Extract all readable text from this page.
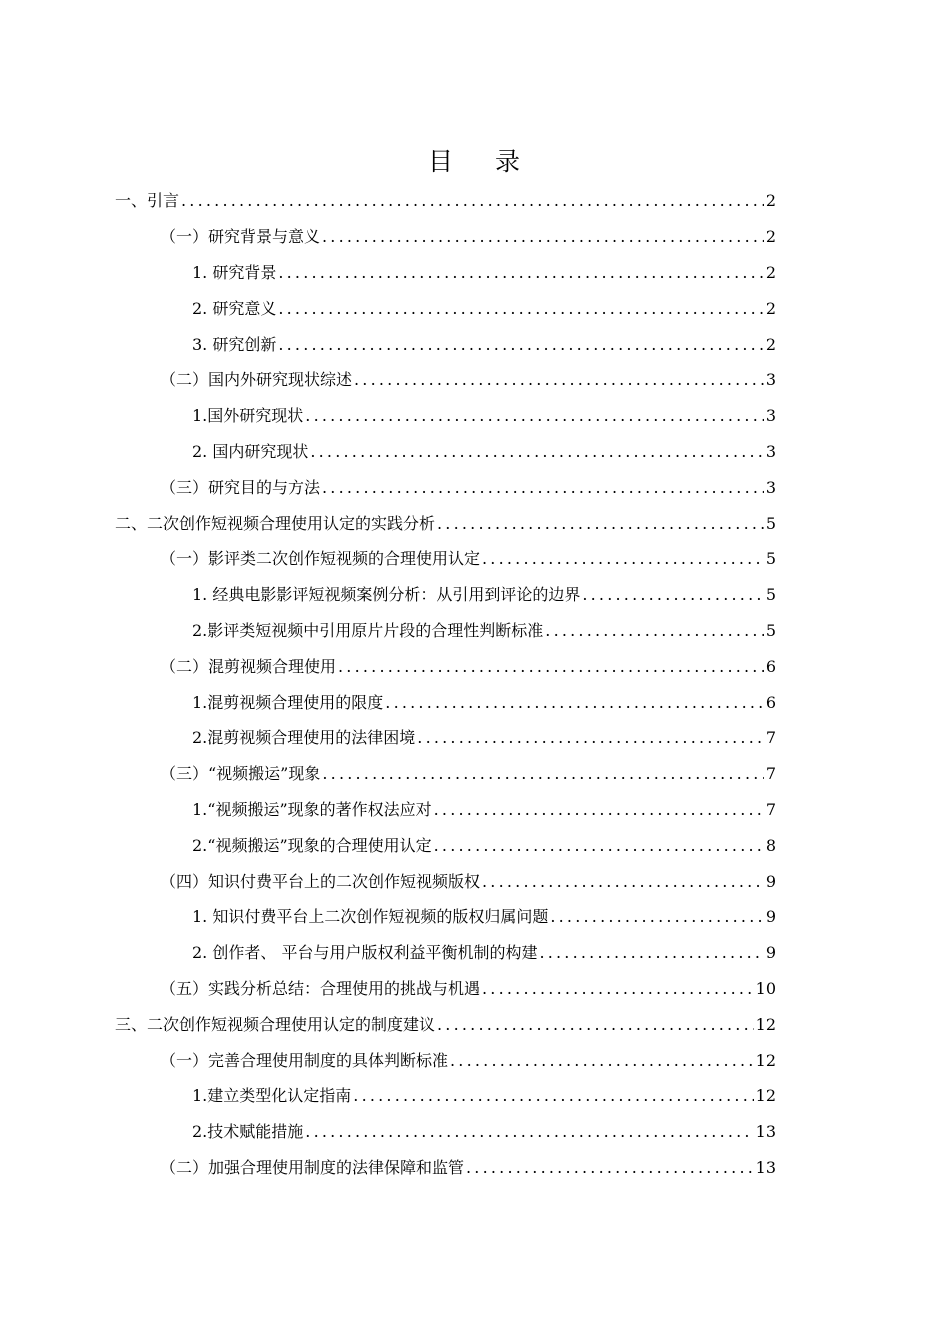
目 录
一、引言 .....	2
（一）研究背景与意义 .....	2
1. 研究背景 .....	2
2. 研究意义 .....	2
3. 研究创新 .....	2
（二）国内外研究现状综述 .....	3
1.国外研究现状 .....	3
2. 国内研究现状 .....	3
（三）研究目的与方法 .....	3
二、二次创作短视频合理使用认定的实践分析 .....	5
（一）影评类二次创作短视频的合理使用认定 .....	5
1. 经典电影影评短视频案例分析：从引用到评论的边界 .....	5
2.影评类短视频中引用原片片段的合理性判断标准 .....	5
（二）混剪视频合理使用 .....	6
1.混剪视频合理使用的限度 .....	6
2.混剪视频合理使用的法律困境 .....	7
（三）“视频搬运”现象 .....	7
1.“视频搬运”现象的著作权法应对 .....	7
2.“视频搬运”现象的合理使用认定 .....	8
（四）知识付费平台上的二次创作短视频版权 .....	9
1. 知识付费平台上二次创作短视频的版权归属问题 .....	9
2. 创作者、 平台与用户版权利益平衡机制的构建 .....	9
（五）实践分析总结：合理使用的挑战与机遇 .....	10
三、二次创作短视频合理使用认定的制度建议 .....	12
（一）完善合理使用制度的具体判断标准 .....	12
1.建立类型化认定指南 .....	12
2.技术赋能措施 .....	13
（二）加强合理使用制度的法律保障和监管 .....	13
